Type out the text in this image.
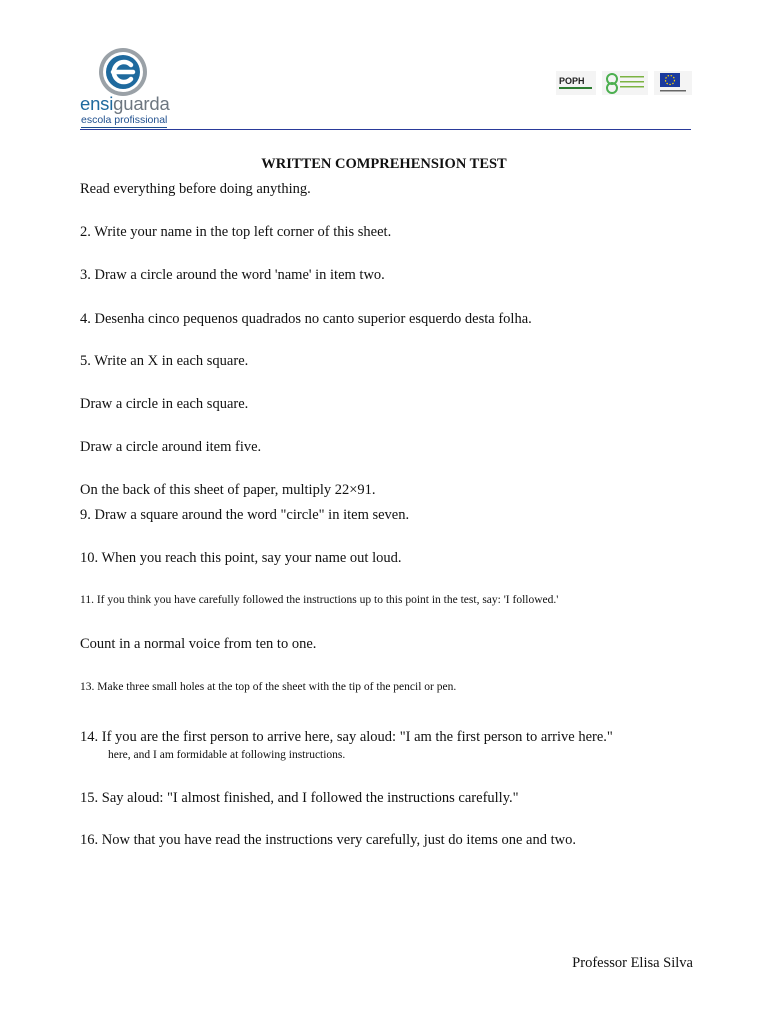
ensiguarda
escola profissional
POPH
WRITTEN COMPREHENSION TEST
Read everything before doing anything.
2. Write your name in the top left corner of this sheet.
3. Draw a circle around the word 'name' in item two.
4. Desenha cinco pequenos quadrados no canto superior esquerdo desta folha.
5. Write an X in each square.
Draw a circle in each square.
Draw a circle around item five.
On the back of this sheet of paper, multiply 22×91.
9. Draw a square around the word "circle" in item seven.
10. When you reach this point, say your name out loud.
11. If you think you have carefully followed the instructions up to this point in the test, say: 'I followed.'
Count in a normal voice from ten to one.
13. Make three small holes at the top of the sheet with the tip of the pencil or pen.
14. If you are the first person to arrive here, say aloud: "I am the first person to arrive here."
here, and I am formidable at following instructions.
15. Say aloud: "I almost finished, and I followed the instructions carefully."
16. Now that you have read the instructions very carefully, just do items one and two.
Professor Elisa Silva
